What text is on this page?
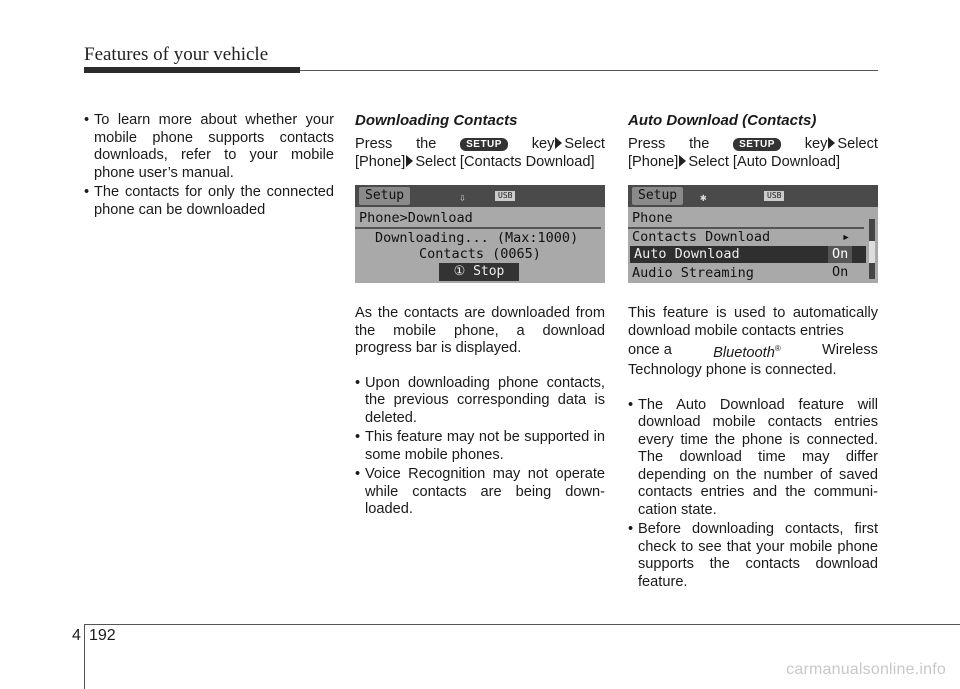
Features of your vehicle

• To learn more about whether your mobile phone supports contacts downloads, refer to your mobile phone user’s manual.

• The contacts for only the connected phone can be downloaded

Downloading Contacts
Press the	SETUP	key Select
[Phone] Select [Contacts Download]
Setup	⇩	USB
Phone>Download
Downloading... (Max:1000)
Contacts (0065)
① Stop

As the contacts are downloaded from the mobile phone, a download progress bar is displayed.

• Upon downloading phone contacts, the previous corresponding data is deleted.

• This feature may not be supported in some mobile phones.

• Voice Recognition may not operate while contacts are being down-loaded.

Auto Download (Contacts)
Press the	SETUP	key Select
[Phone] Select [Auto Download]
Setup	✱	USB
Phone
Contacts Download	▸
Auto Download	On
Audio Streaming	On

This feature is used to automatically download mobile contacts entries

once a	Bluetooth®	Wireless

Technology phone is connected.

• The Auto Download feature will download mobile contacts entries every time the phone is connected. The download time may differ depending on the number of saved contacts entries and the communi-cation state.

• Before downloading contacts, first check to see that your mobile phone supports the contacts download feature.

4 192
carmanualsonline.info
